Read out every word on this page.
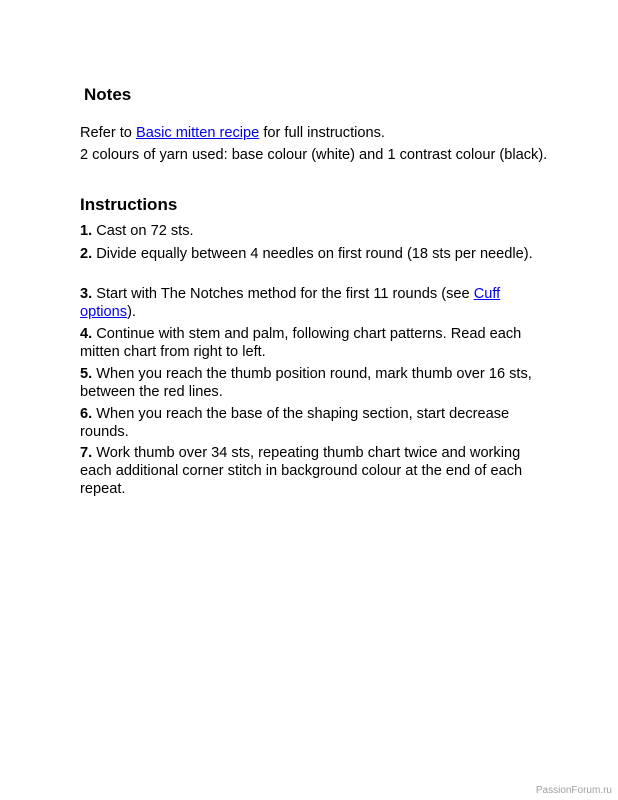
Notes

Refer to Basic mitten recipe for full instructions.

2 colours of yarn used: base colour (white) and 1 contrast colour (black).

Instructions

1. Cast on 72 sts.

2. Divide equally between 4 needles on first round (18 sts per needle).

3. Start with The Notches method for the first 11 rounds (see Cuff options).

4. Continue with stem and palm, following chart patterns. Read each mitten chart from right to left.

5. When you reach the thumb position round, mark thumb over 16 sts, between the red lines.

6. When you reach the base of the shaping section, start decrease rounds.

7. Work thumb over 34 sts, repeating thumb chart twice and working each additional corner stitch in background colour at the end of each repeat.

PassionForum.ru
